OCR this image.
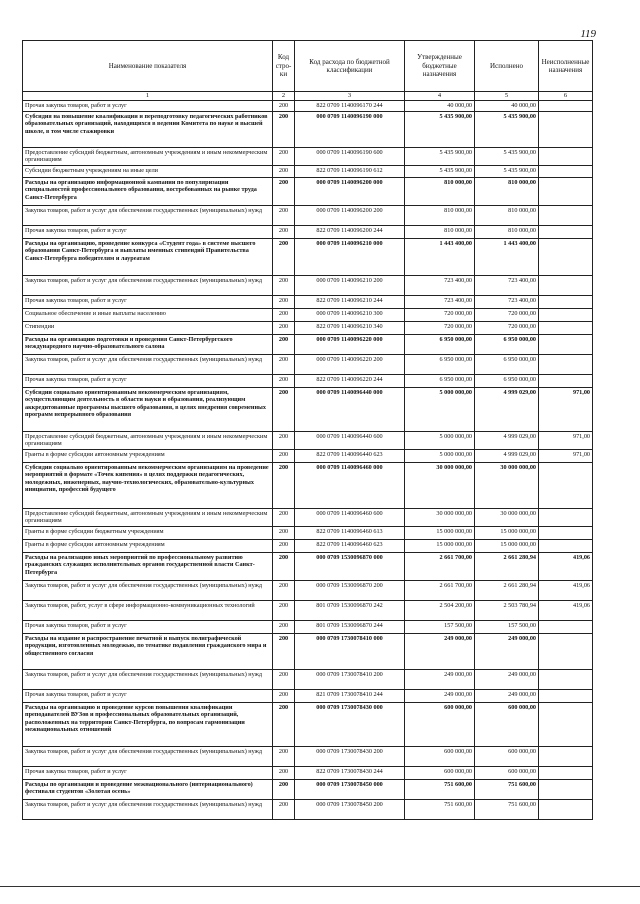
119
Наименование показателя	Код стро-ки	Код расхода по бюджетной классификации	Утвержденные бюджетные назначения	Исполнено	Неисполненные назначения
1	2	3	4	5	6
Прочая закупка товаров, работ и услуг	200	822 0709 1140096170 244	40 000,00	40 000,00	
Субсидия на повышение квалификации и переподготовку педагогических работников образовательных организаций, находящихся в ведении Комитета по науке и высшей школе, в том числе стажировки	200	000 0709 1140096190 000	5 435 900,00	5 435 900,00	
Предоставление субсидий бюджетным, автономным учреждениям и иным некоммерческим организациям	200	000 0709 1140096190 600	5 435 900,00	5 435 900,00	
Субсидии бюджетным учреждениям на иные цели	200	822 0709 1140096190 612	5 435 900,00	5 435 900,00	
Расходы на организацию информационной кампании по популяризации специальностей профессионального образования, востребованных на рынке труда Санкт-Петербурга	200	000 0709 1140096200 000	810 000,00	810 000,00	
Закупка товаров, работ и услуг для обеспечения государственных (муниципальных) нужд	200	000 0709 1140096200 200	810 000,00	810 000,00	
Прочая закупка товаров, работ и услуг	200	822 0709 1140096200 244	810 000,00	810 000,00	
Расходы на организацию, проведение конкурса «Студент года» в системе высшего образования Санкт-Петербурга и выплаты именных стипендий Правительства Санкт-Петербурга победителям и лауреатам	200	000 0709 1140096210 000	1 443 400,00	1 443 400,00	
Закупка товаров, работ и услуг для обеспечения государственных (муниципальных) нужд	200	000 0709 1140096210 200	723 400,00	723 400,00	
Прочая закупка товаров, работ и услуг	200	822 0709 1140096210 244	723 400,00	723 400,00	
Социальное обеспечение и иные выплаты населению	200	000 0709 1140096210 300	720 000,00	720 000,00	
Стипендии	200	822 0709 1140096210 340	720 000,00	720 000,00	
Расходы на организацию подготовки и проведения Санкт-Петербургского международного научно-образовательного салона	200	000 0709 1140096220 000	6 950 000,00	6 950 000,00	
Закупка товаров, работ и услуг для обеспечения государственных (муниципальных) нужд	200	000 0709 1140096220 200	6 950 000,00	6 950 000,00	
Прочая закупка товаров, работ и услуг	200	822 0709 1140096220 244	6 950 000,00	6 950 000,00	
Субсидии социально ориентированным некоммерческим организациям, осуществляющим деятельность в области науки и образования, реализующим аккредитованные программы высшего образования, в целях внедрения современных программ непрерывного образования	200	000 0709 1140096440 000	5 000 000,00	4 999 029,00	971,00
Предоставление субсидий бюджетным, автономным учреждениям и иным некоммерческим организациям	200	000 0709 1140096440 600	5 000 000,00	4 999 029,00	971,00
Гранты в форме субсидии автономным учреждениям	200	822 0709 1140096440 623	5 000 000,00	4 999 029,00	971,00
Субсидии социально ориентированным некоммерческим организациям на проведение мероприятий в формате «Точек кипения» в целях поддержки педагогических, молодежных, инженерных, научно-технологических, образовательно-культурных инициатив, профессий будущего	200	000 0709 1140096460 000	30 000 000,00	30 000 000,00	
Предоставление субсидий бюджетным, автономным учреждениям и иным некоммерческим организациям	200	000 0709 1140096460 600	30 000 000,00	30 000 000,00	
Гранты в форме субсидии бюджетным учреждениям	200	822 0709 1140096460 613	15 000 000,00	15 000 000,00	
Гранты в форме субсидии автономным учреждениям	200	822 0709 1140096460 623	15 000 000,00	15 000 000,00	
Расходы на реализацию иных мероприятий по профессиональному развитию гражданских служащих исполнительных органов государственной власти Санкт-Петербурга	200	000 0709 1530096870 000	2 661 700,00	2 661 280,94	419,06
Закупка товаров, работ и услуг для обеспечения государственных (муниципальных) нужд	200	000 0709 1530096870 200	2 661 700,00	2 661 280,94	419,06
Закупка товаров, работ, услуг в сфере информационно-коммуникационных технологий	200	801 0709 1530096870 242	2 504 200,00	2 503 780,94	419,06
Прочая закупка товаров, работ и услуг	200	801 0709 1530096870 244	157 500,00	157 500,00	
Расходы на издание и распространение печатной и выпуск полиграфической продукции, изготовленных молодежью, по тематике подавления гражданского мира и общественного согласия	200	000 0709 1730078410 000	249 000,00	249 000,00	
Закупка товаров, работ и услуг для обеспечения государственных (муниципальных) нужд	200	000 0709 1730078410 200	249 000,00	249 000,00	
Прочая закупка товаров, работ и услуг	200	821 0709 1730078410 244	249 000,00	249 000,00	
Расходы на организацию и проведение курсов повышения квалификации преподавателей ВУЗов и профессиональных образовательных организаций, расположенных на территории Санкт-Петербурга, по вопросам гармонизации межнациональных отношений	200	000 0709 1730078430 000	600 000,00	600 000,00	
Закупка товаров, работ и услуг для обеспечения государственных (муниципальных) нужд	200	000 0709 1730078430 200	600 000,00	600 000,00	
Прочая закупка товаров, работ и услуг	200	822 0709 1730078430 244	600 000,00	600 000,00	
Расходы по организации и проведение межнационального (интернационального) фестиваля студентов «Золотая осень»	200	000 0709 1730078450 000	751 600,00	751 600,00	
Закупка товаров, работ и услуг для обеспечения государственных (муниципальных) нужд	200	000 0709 1730078450 200	751 600,00	751 600,00	
